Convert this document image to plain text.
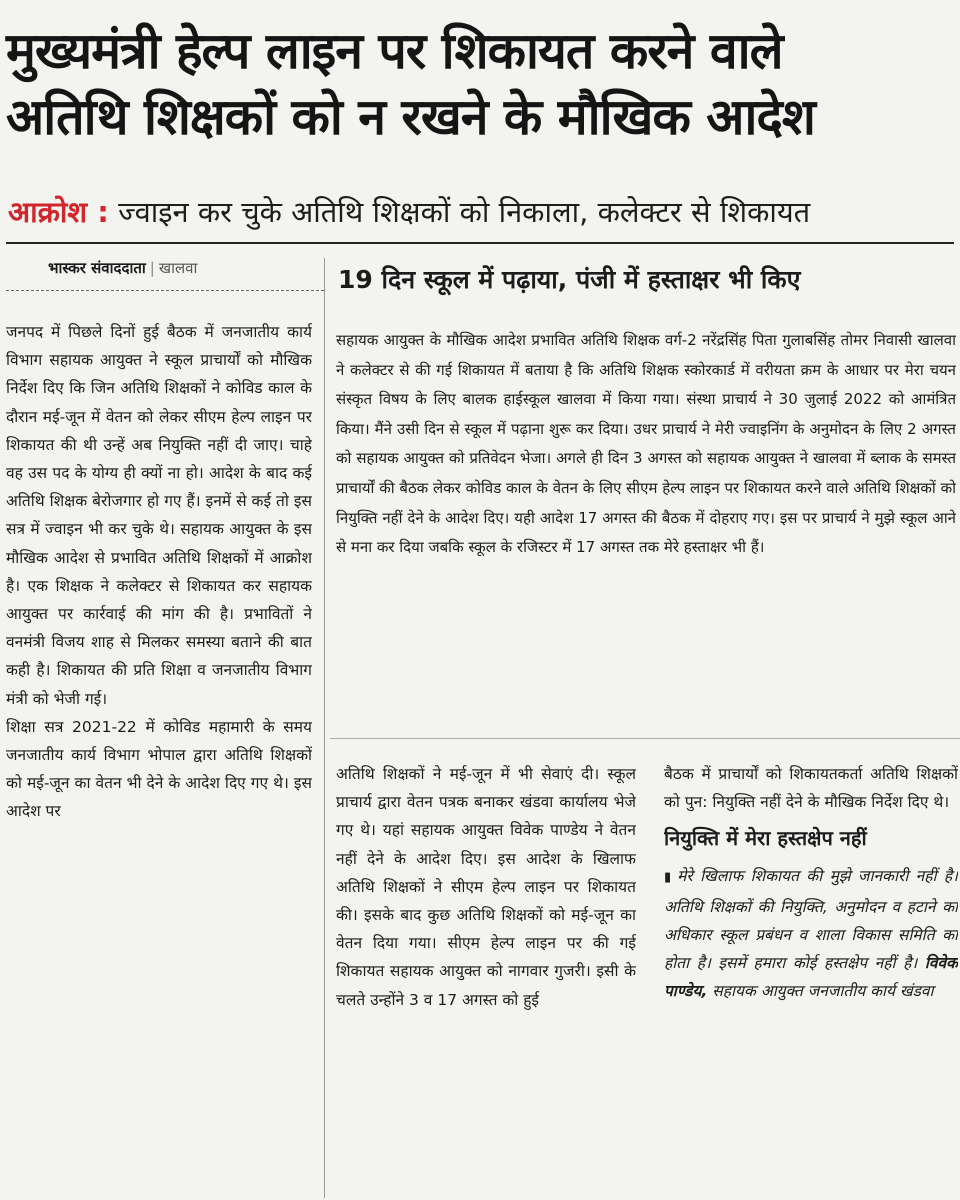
मुख्यमंत्री हेल्प लाइन पर शिकायत करने वाले
अतिथि शिक्षकों को न रखने के मौखिक आदेश
आक्रोश : ज्वाइन कर चुके अतिथि शिक्षकों को निकाला, कलेक्टर से शिकायत
भास्कर संवाददाता | खालवा	19 दिन स्कूल में पढ़ाया, पंजी में हस्ताक्षर भी किए

जनपद में पिछले दिनों हुई बैठक में जनजातीय कार्य विभाग सहायक आयुक्त ने स्कूल प्राचार्यों को मौखिक निर्देश दिए कि जिन अतिथि शिक्षकों ने कोविड काल के दौरान मई-जून में वेतन को लेकर सीएम हेल्प लाइन पर शिकायत की थी उन्हें अब नियुक्ति नहीं दी जाए। चाहे वह उस पद के योग्य ही क्यों ना हो। आदेश के बाद कई अतिथि शिक्षक बेरोजगार हो गए हैं। इनमें से कई तो इस सत्र में ज्वाइन भी कर चुके थे। सहायक आयुक्त के इस मौखिक आदेश से प्रभावित अतिथि शिक्षकों में आक्रोश है। एक शिक्षक ने कलेक्टर से शिकायत कर सहायक आयुक्त पर कार्रवाई की मांग की है। प्रभावितों ने वनमंत्री विजय शाह से मिलकर समस्या बताने की बात कही है। शिकायत की प्रति शिक्षा व जनजातीय विभाग मंत्री को भेजी गई।

शिक्षा सत्र 2021-22 में कोविड महामारी के समय जनजातीय कार्य विभाग भोपाल द्वारा अतिथि शिक्षकों को मई-जून का वेतन भी देने के आदेश दिए गए थे। इस आदेश पर

सहायक आयुक्त के मौखिक आदेश प्रभावित अतिथि शिक्षक वर्ग-2 नरेंद्रसिंह पिता गुलाबसिंह तोमर निवासी खालवा ने कलेक्टर से की गई शिकायत में बताया है कि अतिथि शिक्षक स्कोरकार्ड में वरीयता क्रम के आधार पर मेरा चयन संस्कृत विषय के लिए बालक हाईस्कूल खालवा में किया गया। संस्था प्राचार्य ने 30 जुलाई 2022 को आमंत्रित किया। मैंने उसी दिन से स्कूल में पढ़ाना शुरू कर दिया। उधर प्राचार्य ने मेरी ज्वाइनिंग के अनुमोदन के लिए 2 अगस्त को सहायक आयुक्त को प्रतिवेदन भेजा। अगले ही दिन 3 अगस्त को सहायक आयुक्त ने खालवा में ब्लाक के समस्त प्राचार्यों की बैठक लेकर कोविड काल के वेतन के लिए सीएम हेल्प लाइन पर शिकायत करने वाले अतिथि शिक्षकों को नियुक्ति नहीं देने के आदेश दिए। यही आदेश 17 अगस्त की बैठक में दोहराए गए। इस पर प्राचार्य ने मुझे स्कूल आने से मना कर दिया जबकि स्कूल के रजिस्टर में 17 अगस्त तक मेरे हस्ताक्षर भी हैं।

अतिथि शिक्षकों ने मई-जून में भी सेवाएं दी। स्कूल प्राचार्य द्वारा वेतन पत्रक बनाकर खंडवा कार्यालय भेजे गए थे। यहां सहायक आयुक्त विवेक पाण्डेय ने वेतन नहीं देने के आदेश दिए। इस आदेश के खिलाफ अतिथि शिक्षकों ने सीएम हेल्प लाइन पर शिकायत की। इसके बाद कुछ अतिथि शिक्षकों को मई-जून का वेतन दिया गया। सीएम हेल्प लाइन पर की गई शिकायत सहायक आयुक्त को नागवार गुजरी। इसी के चलते उन्होंने 3 व 17 अगस्त को हुई

बैठक में प्राचार्यों को शिकायतकर्ता अतिथि शिक्षकों को पुन: नियुक्ति नहीं देने के मौखिक निर्देश दिए थे।

नियुक्ति में मेरा हस्तक्षेप नहीं

▮ मेरे खिलाफ शिकायत की मुझे जानकारी नहीं है। अतिथि शिक्षकों की नियुक्ति, अनुमोदन व हटाने का अधिकार स्कूल प्रबंधन व शाला विकास समिति का होता है। इसमें हमारा कोई हस्तक्षेप नहीं है। विवेक पाण्डेय, सहायक आयुक्त जनजातीय कार्य खंडवा
